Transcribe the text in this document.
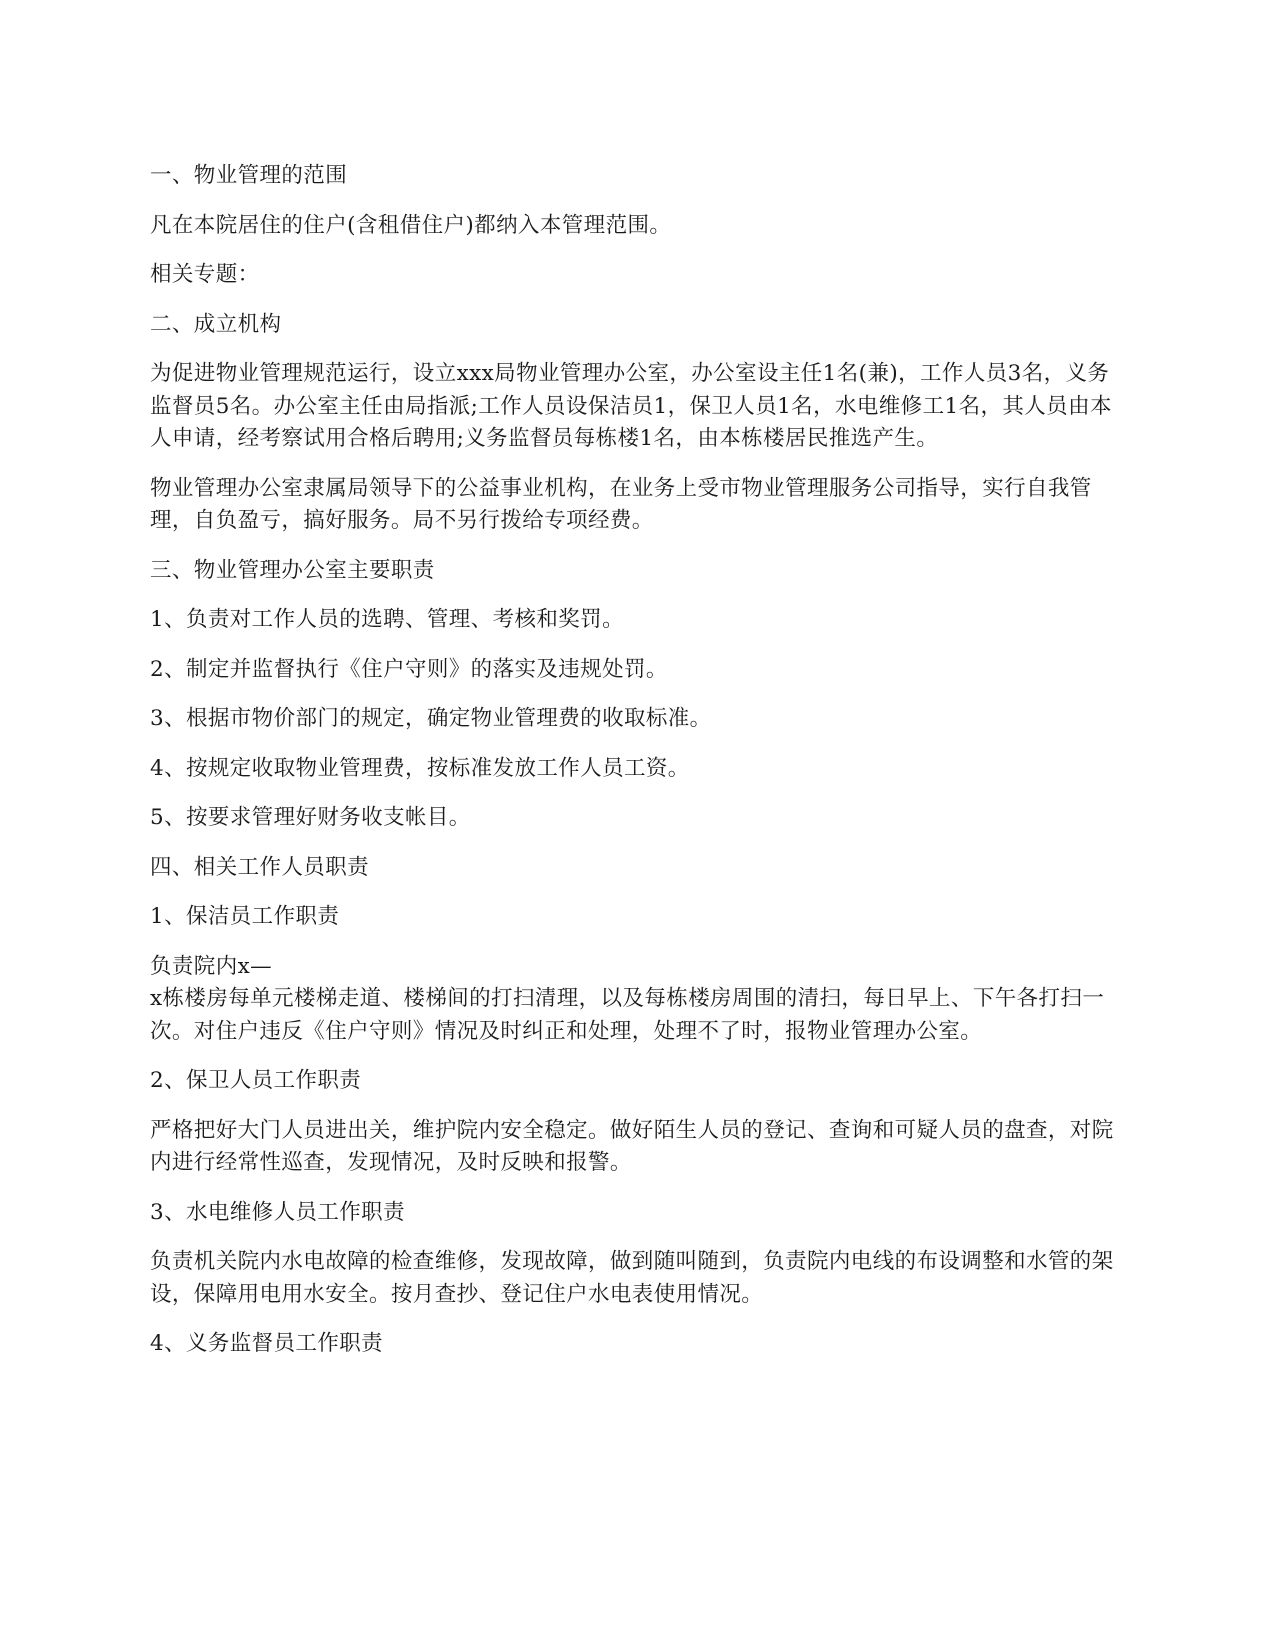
一、物业管理的范围

凡在本院居住的住户(含租借住户)都纳入本管理范围。

相关专题：

二、成立机构

为促进物业管理规范运行，设立xxx局物业管理办公室，办公室设主任1名(兼)，工作人员3名，义务监督员5名。办公室主任由局指派;工作人员设保洁员1，保卫人员1名，水电维修工1名，其人员由本人申请，经考察试用合格后聘用;义务监督员每栋楼1名，由本栋楼居民推选产生。

物业管理办公室隶属局领导下的公益事业机构，在业务上受市物业管理服务公司指导，实行自我管理，自负盈亏，搞好服务。局不另行拨给专项经费。

三、物业管理办公室主要职责

1、负责对工作人员的选聘、管理、考核和奖罚。

2、制定并监督执行《住户守则》的落实及违规处罚。

3、根据市物价部门的规定，确定物业管理费的收取标准。

4、按规定收取物业管理费，按标准发放工作人员工资。

5、按要求管理好财务收支帐目。

四、相关工作人员职责

1、保洁员工作职责

负责院内x—

x栋楼房每单元楼梯走道、楼梯间的打扫清理，以及每栋楼房周围的清扫，每日早上、下午各打扫一次。对住户违反《住户守则》情况及时纠正和处理，处理不了时，报物业管理办公室。

2、保卫人员工作职责

严格把好大门人员进出关，维护院内安全稳定。做好陌生人员的登记、查询和可疑人员的盘查，对院内进行经常性巡查，发现情况，及时反映和报警。

3、水电维修人员工作职责

负责机关院内水电故障的检查维修，发现故障，做到随叫随到，负责院内电线的布设调整和水管的架设，保障用电用水安全。按月查抄、登记住户水电表使用情况。

4、义务监督员工作职责
